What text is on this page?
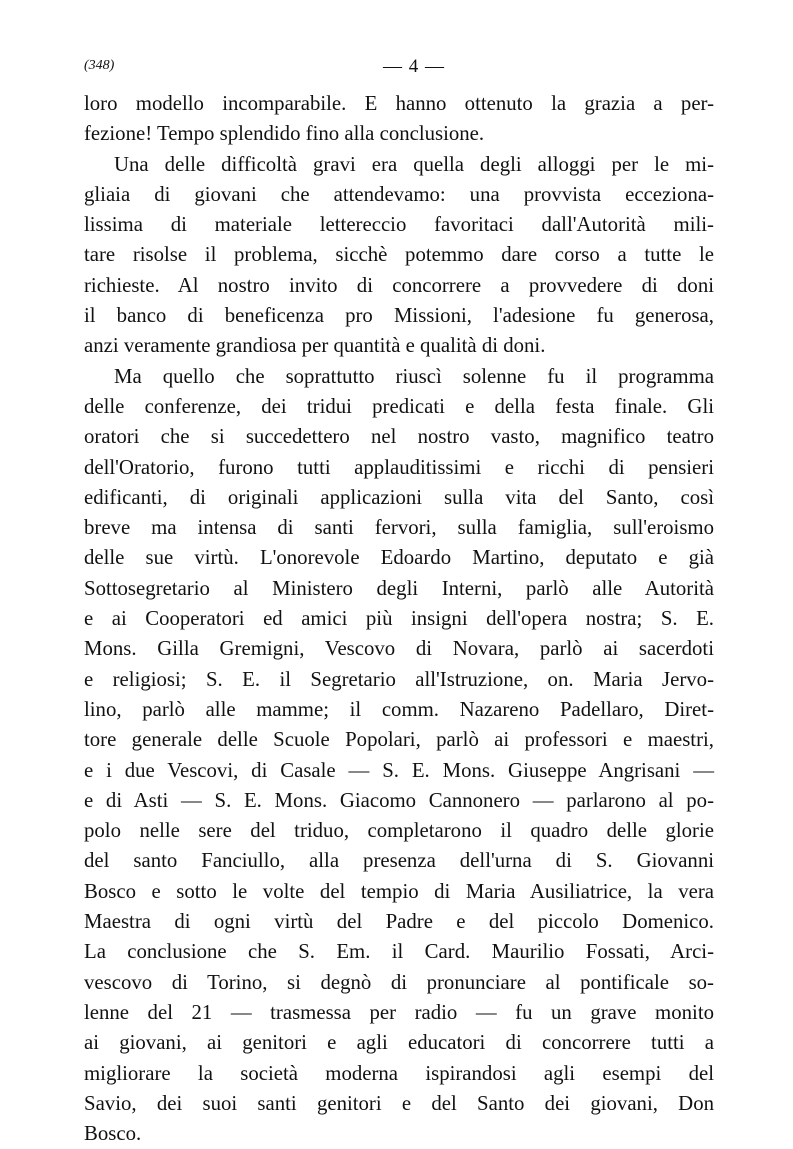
(348)	— 4 —
loro modello incomparabile. E hanno ottenuto la grazia a per-
fezione! Tempo splendido fino alla conclusione.
Una delle difficoltà gravi era quella degli alloggi per le mi-
gliaia di giovani che attendevamo: una provvista ecceziona-
lissima di materiale lettereccio favoritaci dall'Autorità mili-
tare risolse il problema, sicchè potemmo dare corso a tutte le
richieste. Al nostro invito di concorrere a provvedere di doni
il banco di beneficenza pro Missioni, l'adesione fu generosa,
anzi veramente grandiosa per quantità e qualità di doni.
Ma quello che soprattutto riuscì solenne fu il programma
delle conferenze, dei tridui predicati e della festa finale. Gli
oratori che si succedettero nel nostro vasto, magnifico teatro
dell'Oratorio, furono tutti applauditissimi e ricchi di pensieri
edificanti, di originali applicazioni sulla vita del Santo, così
breve ma intensa di santi fervori, sulla famiglia, sull'eroismo
delle sue virtù. L'onorevole Edoardo Martino, deputato e già
Sottosegretario al Ministero degli Interni, parlò alle Autorità
e ai Cooperatori ed amici più insigni dell'opera nostra; S. E.
Mons. Gilla Gremigni, Vescovo di Novara, parlò ai sacerdoti
e religiosi; S. E. il Segretario all'Istruzione, on. Maria Jervo-
lino, parlò alle mamme; il comm. Nazareno Padellaro, Diret-
tore generale delle Scuole Popolari, parlò ai professori e maestri,
e i due Vescovi, di Casale — S. E. Mons. Giuseppe Angrisani —
e di Asti — S. E. Mons. Giacomo Cannonero — parlarono al po-
polo nelle sere del triduo, completarono il quadro delle glorie
del santo Fanciullo, alla presenza dell'urna di S. Giovanni
Bosco e sotto le volte del tempio di Maria Ausiliatrice, la vera
Maestra di ogni virtù del Padre e del piccolo Domenico.
La conclusione che S. Em. il Card. Maurilio Fossati, Arci-
vescovo di Torino, si degnò di pronunciare al pontificale so-
lenne del 21 — trasmessa per radio — fu un grave monito
ai giovani, ai genitori e agli educatori di concorrere tutti a
migliorare la società moderna ispirandosi agli esempi del
Savio, dei suoi santi genitori e del Santo dei giovani, Don
Bosco.
